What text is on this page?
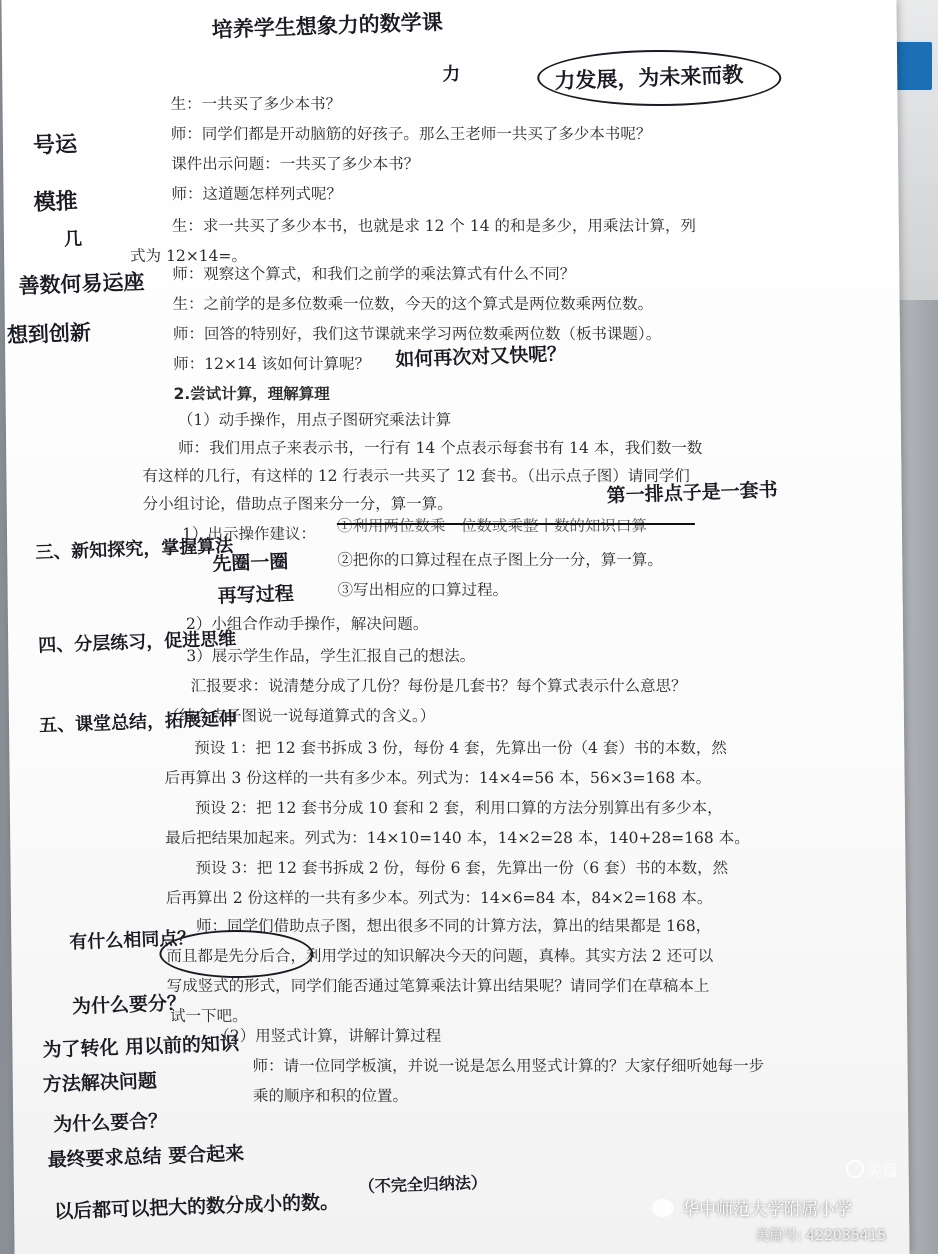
培养学生想象力的数学课
力	力发展，为未来而教
号运
模推
几
善数何易运座
想到创新
生：一共买了多少本书？
师：同学们都是开动脑筋的好孩子。那么王老师一共买了多少本书呢？
课件出示问题：一共买了多少本书？
师：这道题怎样列式呢？
生：求一共买了多少本书，也就是求 12 个 14 的和是多少，用乘法计算，列
式为 12×14=。
师：观察这个算式，和我们之前学的乘法算式有什么不同？
生：之前学的是多位数乘一位数，今天的这个算式是两位数乘两位数。
师：回答的特别好，我们这节课就来学习两位数乘两位数（板书课题）。
师：12×14 该如何计算呢？ 如何再次对又快呢？
2.尝试计算，理解算理
（1）动手操作，用点子图研究乘法计算
师：我们用点子来表示书，一行有 14 个点表示每套书有 14 本，我们数一数
有这样的几行，有这样的 12 行表示一共买了 12 套书。（出示点子图）请同学们
分小组讨论，借助点子图来分一分，算一算。	第一排点子是一套书
1）出示操作建议： ①利用两位数乘一位数或乘整十数的知识口算
三、新知探究，掌握算法
先圈一圈	②把你的口算过程在点子图上分一分，算一算。
再写过程	③写出相应的口算过程。
2）小组合作动手操作，解决问题。
四、分层练习，促进思维
3）展示学生作品，学生汇报自己的想法。
汇报要求：说清楚分成了几份？每份是几套书？每个算式表示什么意思？
（结合点子图说一说每道算式的含义。）
五、课堂总结，拓展延伸
预设 1：把 12 套书拆成 3 份，每份 4 套，先算出一份（4 套）书的本数，然
后再算出 3 份这样的一共有多少本。列式为：14×4=56 本，56×3=168 本。
预设 2：把 12 套书分成 10 套和 2 套，利用口算的方法分别算出有多少本，
最后把结果加起来。列式为：14×10=140 本，14×2=28 本，140+28=168 本。
预设 3：把 12 套书拆成 2 份，每份 6 套，先算出一份（6 套）书的本数，然
后再算出 2 份这样的一共有多少本。列式为：14×6=84 本，84×2=168 本。
师：同学们借助点子图，想出很多不同的计算方法，算出的结果都是 168，
而且都是先分后合，利用学过的知识解决今天的问题，真棒。其实方法 2 还可以
有什么相同点？
写成竖式的形式，同学们能否通过笔算乘法计算出结果呢？请同学们在草稿本上
为什么要分？
试一下吧。
（2）用竖式计算，讲解计算过程
为了转化 用以前的知识
师：请一位同学板演，并说一说是怎么用竖式计算的？大家仔细听她每一步
方法解决问题
乘的顺序和积的位置。
为什么要合？
最终要求总结 要合起来
以后都可以把大的数分成小的数。
（不完全归纳法）
美篇
华中师范大学附属小学
美篇号: 422035415
